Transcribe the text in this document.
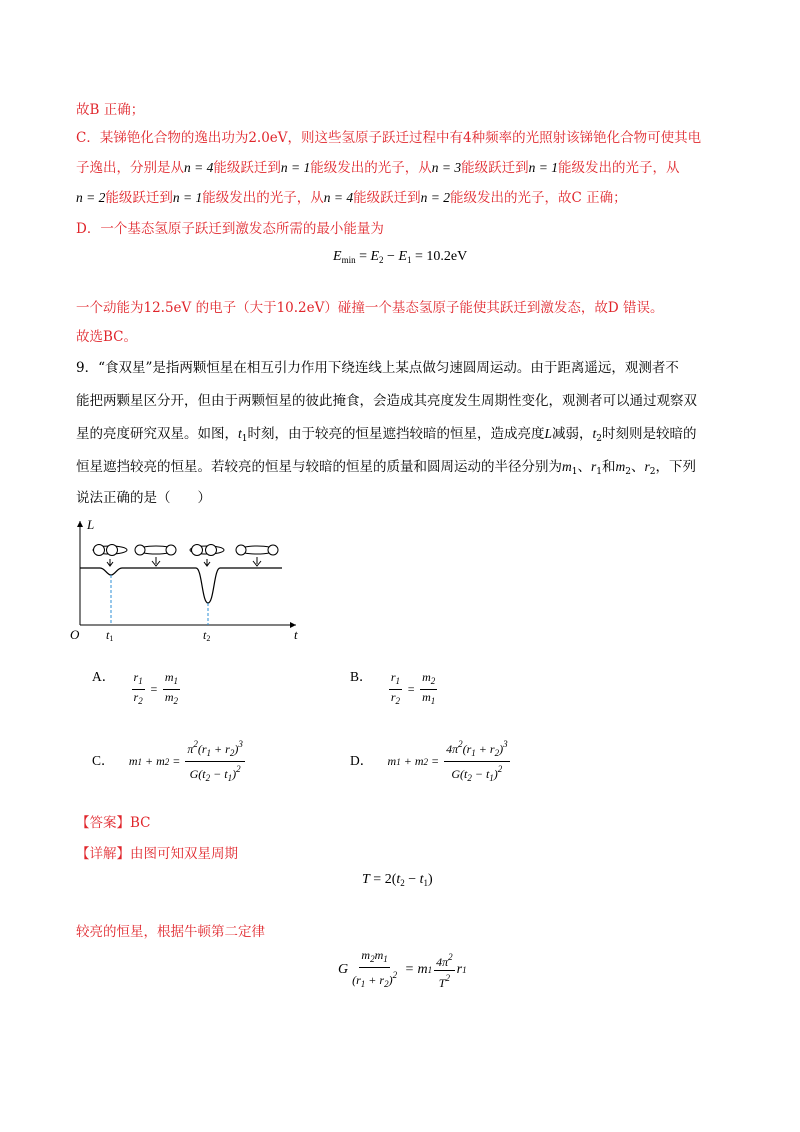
故B 正确；
C．某锑铯化合物的逸出功为2.0eV，则这些氢原子跃迁过程中有4种频率的光照射该锑铯化合物可使其电
子逸出，分别是从n = 4能级跃迁到n = 1能级发出的光子，从n = 3能级跃迁到n = 1能级发出的光子，从
n = 2能级跃迁到n = 1能级发出的光子，从n = 4能级跃迁到n = 2能级发出的光子，故C 正确；
D．一个基态氢原子跃迁到激发态所需的最小能量为
$E_{min} = E_2 - E_1 = 10.2eV$
一个动能为12.5eV 的电子（大于10.2eV）碰撞一个基态氢原子能使其跃迁到激发态，故D 错误。
故选BC。
9．“食双星”是指两颗恒星在相互引力作用下绕连线上某点做匀速圆周运动。由于距离遥远，观测者不
能把两颗星区分开，但由于两颗恒星的彼此掩食，会造成其亮度发生周期性变化，观测者可以通过观察双
星的亮度研究双星。如图，$t_1$时刻，由于较亮的恒星遮挡较暗的恒星，造成亮度L减弱，$t_2$时刻则是较暗的
恒星遮挡较亮的恒星。若较亮的恒星与较暗的恒星的质量和圆周运动的半径分别为$m_1$、$r_1$和$m_2$、$r_2$，下列
说法正确的是（　　）
L
t
O t1	t2
A． $\frac{r_1}{r_2} = \frac{m_1}{m_2}$	B． $\frac{r_1}{r_2} = \frac{m_2}{m_1}$
C． m 1 + m $2 = \frac{\pi^2(r_1 + r_2)^3}{G(t_2 - t_1)^2}$	D． m 1 + m $2 = \frac{4\pi^2(r_1 + r_2)^3}{G(t_2 - t_1)^2}$
【答案】BC
【详解】由图可知双星周期
$T = 2(t_2 - t_1)$
较亮的恒星，根据牛顿第二定律
G $\frac{m_2m_1}{(r_1 + r_2)^2} = m$ $1 \frac{4\pi^2}{T^2}$ r 1
